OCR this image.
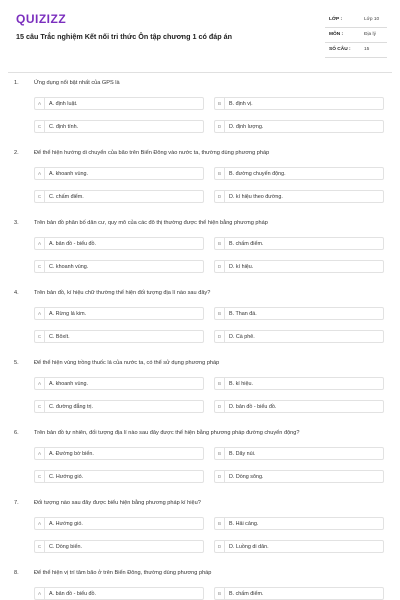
QUIZIZZ
15 câu Trắc nghiệm Kết nối tri thức Ôn tập chương 1 có đáp án
LỚP :	Lớp 10
MÔN :	Địa lý
SỐ CÂU :	15
1.	Ứng dụng nổi bật nhất của GPS là
A	A. định luật.	B	B. định vị.
C	C. định tính.	D	D. định lượng.
2.	Để thể hiện hướng di chuyển của bão trên Biển Đông vào nước ta, thường dùng phương pháp
A	A. khoanh vùng.	B	B. đường chuyển động.
C	C. chấm điểm.	D	D. kí hiệu theo đường.
3.	Trên bản đồ phân bố dân cư, quy mô của các đô thị thường được thể hiện bằng phương pháp
A	A. bản đồ - biểu đồ.	B	B. chấm điểm.
C	C. khoanh vùng.	D	D. kí hiệu.
4.	Trên bản đồ, kí hiệu chữ thường thể hiện đối tượng địa lí nào sau đây?
A	A. Rừng lá kim.	B	B. Than đá.
C	C. Bôxít.	D	D. Cà phê.
5.	Để thể hiện vùng trồng thuốc lá của nước ta, có thể sử dụng phương pháp
A	A. khoanh vùng.	B	B. kí hiệu.
C	C. đường đẳng trị.	D	D. bản đồ - biểu đồ.
6.	Trên bản đồ tự nhiên, đối tượng địa lí nào sau đây được thể hiện bằng phương pháp đường chuyển động?
A	A. Đường bờ biển.	B	B. Dãy núi.
C	C. Hướng gió.	D	D. Dòng sông.
7.	Đối tượng nào sau đây được biểu hiện bằng phương pháp kí hiệu?
A	A. Hướng gió.	B	B. Hải cảng.
C	C. Dòng biển.	D	D. Luồng di dân.
8.	Để thể hiện vị trí tâm bão ở trên Biển Đông, thường dùng phương pháp
A	A. bản đồ - biểu đồ.	B	B. chấm điểm.
